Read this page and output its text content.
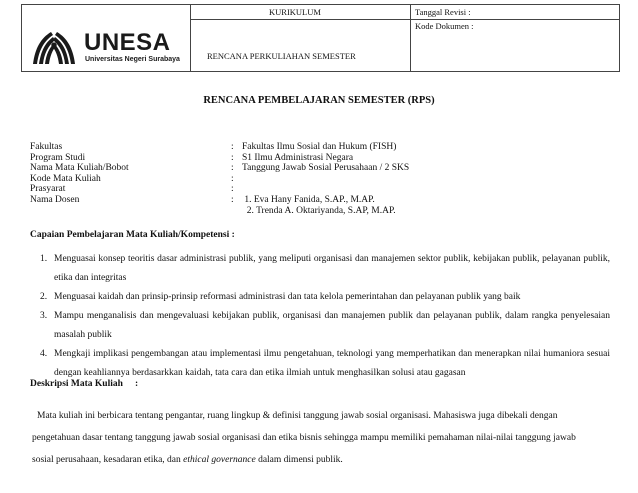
UNESA
Universitas Negeri Surabaya
KURIKULUM
RENCANA PERKULIAHAN SEMESTER
Tanggal Revisi :
Kode Dokumen :
RENCANA PEMBELAJARAN SEMESTER (RPS)
Fakultas	: Fakultas Ilmu Sosial dan Hukum (FISH)
Program Studi	: S1 Ilmu Administrasi Negara
Nama Mata Kuliah/Bobot	: Tanggung Jawab Sosial Perusahaan / 2 SKS
Kode Mata Kuliah	:
Prasyarat	:
Nama Dosen	: 1. Eva Hany Fanida, S.AP., M.AP.
2. Trenda A. Oktariyanda, S.AP, M.AP.
Capaian Pembelajaran Mata Kuliah/Kompetensi :
1. Menguasai konsep teoritis dasar administrasi publik, yang meliputi organisasi dan manajemen sektor publik, kebijakan publik, pelayanan publik, etika dan integritas
2. Menguasai kaidah dan prinsip-prinsip reformasi administrasi dan tata kelola pemerintahan dan pelayanan publik yang baik
3. Mampu menganalisis dan mengevaluasi kebijakan publik, organisasi dan manajemen publik dan pelayanan publik, dalam rangka penyelesaian masalah publik
4. Mengkaji implikasi pengembangan atau implementasi ilmu pengetahuan, teknologi yang memperhatikan dan menerapkan nilai humaniora sesuai dengan keahliannya berdasarkkan kaidah, tata cara dan etika ilmiah untuk menghasilkan solusi atau gagasan
Deskripsi Mata Kuliah :
Mata kuliah ini berbicara tentang pengantar, ruang lingkup & definisi tanggung jawab sosial organisasi. Mahasiswa juga dibekali dengan
pengetahuan dasar tentang tanggung jawab sosial organisasi dan etika bisnis sehingga mampu memiliki pemahaman nilai-nilai tanggung jawab
sosial perusahaan, kesadaran etika, dan ethical governance dalam dimensi publik.
